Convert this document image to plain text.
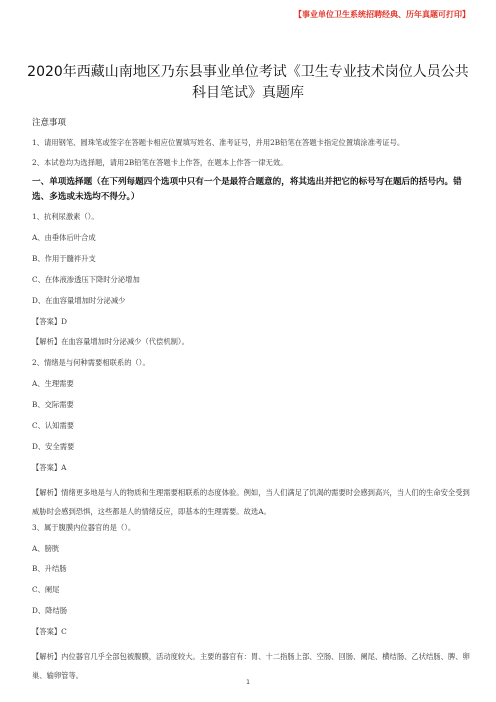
【事业单位卫生系统招聘经典、历年真题可打印】
2020年西藏山南地区乃东县事业单位考试《卫生专业技术岗位人员公共科目笔试》真题库
注意事项
1、请用钢笔、圆珠笔或签字在答题卡相应位置填写姓名、准考证号，并用2B铅笔在答题卡指定位置填涂准考证号。
2、本试卷均为选择题，请用2B铅笔在答题卡上作答，在题本上作答一律无效。
一、单项选择题（在下列每题四个选项中只有一个是最符合题意的，将其选出并把它的标号写在题后的括号内。错选、多选或未选均不得分。）
1、抗利尿激素（）。
A、由垂体后叶合成
B、作用于髓袢升支
C、在体液渗透压下降时分泌增加
D、在血容量增加时分泌减少
【答案】D
【解析】在血容量增加时分泌减少（代偿机制）。
2、情绪是与何种需要相联系的（）。
A、生理需要
B、交际需要
C、认知需要
D、安全需要
【答案】A
【解析】情绪更多地是与人的物质和生理需要相联系的态度体验。例如，当人们满足了饥渴的需要时会感到高兴，当人们的生命安全受到威胁时会感到恐惧，这些都是人的情绪反应，即基本的生理需要。故选A。
3、属于腹膜内位器官的是（）。
A、膀胱
B、升结肠
C、阑尾
D、降结肠
【答案】C
【解析】内位器官几乎全部包被腹膜，活动度较大。主要的器官有：胃、十二指肠上部、空肠、回肠、阑尾、横结肠、乙状结肠、脾、卵巢、输卵管等。
1
